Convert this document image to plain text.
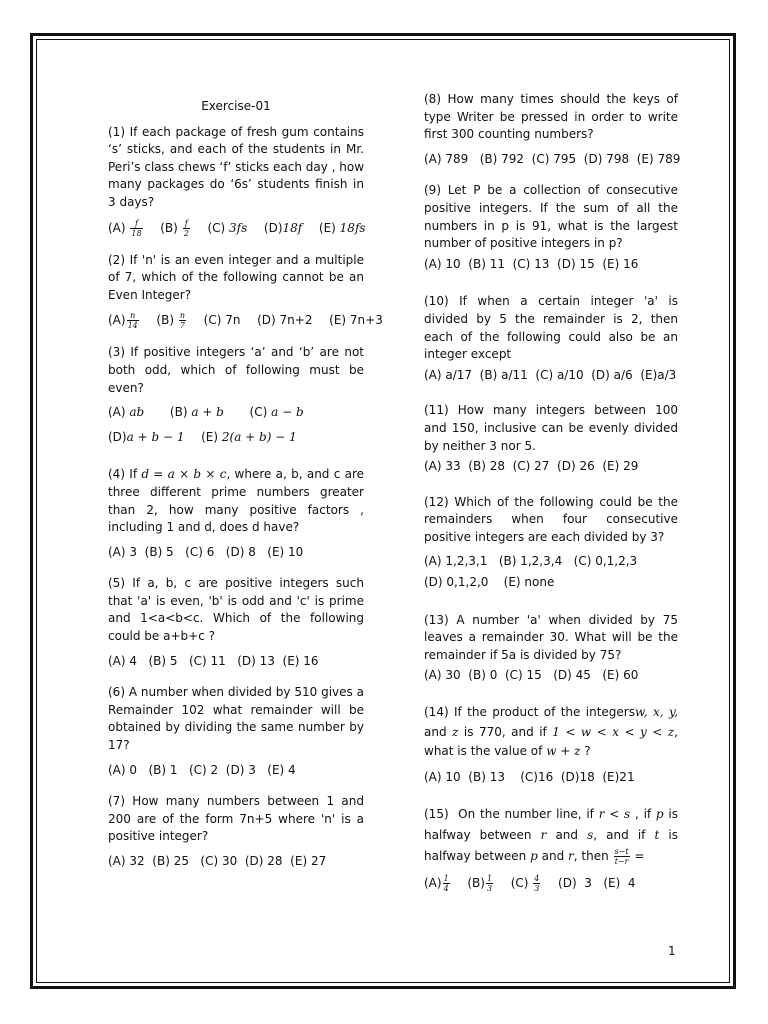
Exercise-01

(1) If each package of fresh gum contains ‘s’ sticks, and each of the students in Mr. Peri’s class chews ‘f’ sticks each day , how many packages do ‘6s’ students finish in 3 days?

$(A) \frac{f}{18} (B) \frac{f}{2} (C)$ 3fs (D)18f (E) 18fs

(2) If 'n' is an even integer and a multiple of 7, which of the following cannot be an Even Integer?

$(A) \frac{n}{14} (B) \frac{n}{7} (C)$ 7n (D) 7n+2 (E) 7n+3

(3) If positive integers ‘a’ and ‘b’ are not both odd, which of following must be even?

(A) ab (B) a + b (C) a − b
(D)a + b − 1 (E) 2(a + b) − 1

(4) If d = a × b × c, where a, b, and c are three different prime numbers greater than 2, how many positive factors , including 1 and d, does d have?

(A) 3  (B) 5   (C) 6   (D) 8   (E) 10

(5) If a, b, c are positive integers such that 'a' is even, 'b' is odd and 'c' is prime and 1<a<b<c. Which of the following could be a+b+c ?

(A) 4   (B) 5   (C) 11   (D) 13  (E) 16

(6) A number when divided by 510 gives a Remainder 102 what remainder will be obtained by dividing the same number by 17?

(A) 0   (B) 1   (C) 2  (D) 3   (E) 4

(7) How many numbers between 1 and 200 are of the form 7n+5 where 'n' is a positive integer?

(A) 32  (B) 25   (C) 30  (D) 28  (E) 27

(8) How many times should the keys of type Writer be pressed in order to write first 300 counting numbers?

(A) 789   (B) 792  (C) 795  (D) 798  (E) 789

(9) Let P be a collection of consecutive positive integers. If the sum of all the numbers in p is 91, what is the largest number of positive integers in p?

(A) 10  (B) 11  (C) 13  (D) 15  (E) 16

(10) If when a certain integer 'a' is divided by 5 the remainder is 2, then each of the following could also be an integer except

(A) a/17  (B) a/11  (C) a/10  (D) a/6  (E)a/3

(11) How many integers between 100 and 150, inclusive can be evenly divided by neither 3 nor 5.

(A) 33  (B) 28  (C) 27  (D) 26  (E) 29

(12) Which of the following could be the remainders when four consecutive positive integers are each divided by 3?

(A) 1,2,3,1   (B) 1,2,3,4   (C) 0,1,2,3
(D) 0,1,2,0    (E) none

(13) A number 'a' when divided by 75 leaves a remainder 30. What will be the remainder if 5a is divided by 75?

(A) 30  (B) 0  (C) 15   (D) 45   (E) 60

(14) If the product of the integersw, x, y, and z is 770, and if 1 < w < x < y < z, what is the value of w + z ?

(A) 10  (B) 13    (C)16  (D)18  (E)21

(15)  On the number line, if r < s , if p is halfway between r and s, and if t is halfway between p and r, then $\frac{s-t}{t-r}$ =

$(A) \frac{1}{4} (B) \frac{1}{3} (C) \frac{4}{3} (D)$  3   (E)  4
1
